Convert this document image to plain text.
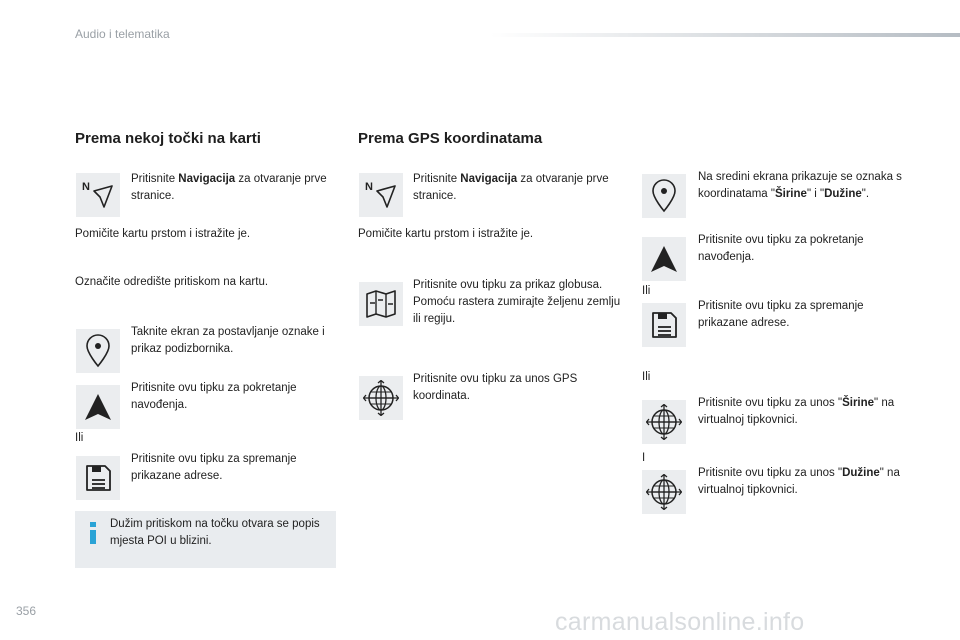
Audio i telematika
Prema nekoj točki na karti
Pritisnite Navigacija za otvaranje prve stranice.
Pomičite kartu prstom i istražite je.
Označite odredište pritiskom na kartu.
Taknite ekran za postavljanje oznake i prikaz podizbornika.
Pritisnite ovu tipku za pokretanje navođenja.
Ili
Pritisnite ovu tipku za spremanje prikazane adrese.
Dužim pritiskom na točku otvara se popis mjesta POI u blizini.
Prema GPS koordinatama
Pritisnite Navigacija za otvaranje prve stranice.
Pomičite kartu prstom i istražite je.
Pritisnite ovu tipku za prikaz globusa. Pomoću rastera zumirajte željenu zemlju ili regiju.
Pritisnite ovu tipku za unos GPS koordinata.
Na sredini ekrana prikazuje se oznaka s koordinatama "Širine" i "Dužine".
Pritisnite ovu tipku za pokretanje navođenja.
Ili
Pritisnite ovu tipku za spremanje prikazane adrese.
Ili
Pritisnite ovu tipku za unos "Širine" na virtualnoj tipkovnici.
I
Pritisnite ovu tipku za unos "Dužine" na virtualnoj tipkovnici.
356	carmanualsonline.info
